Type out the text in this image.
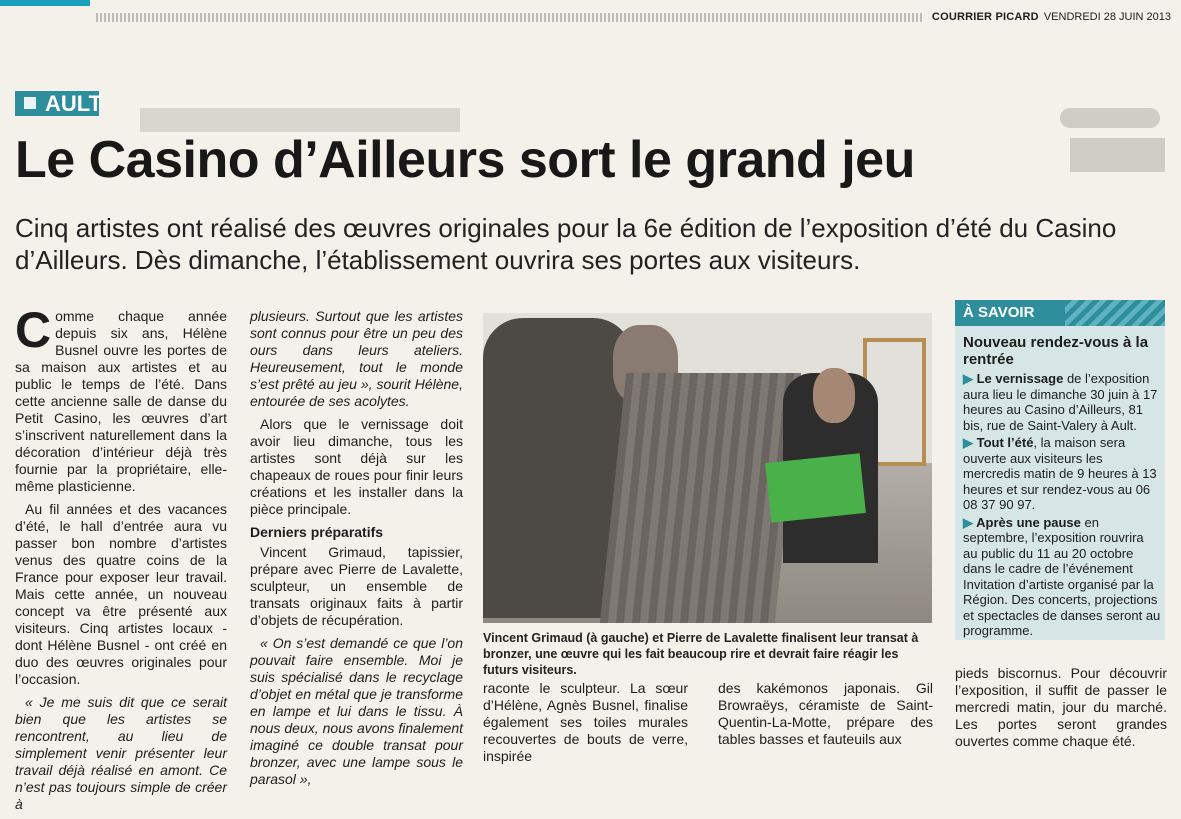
COURRIER PICARD VENDREDI 28 JUIN 2013
AULT
Le Casino d’Ailleurs sort le grand jeu
Cinq artistes ont réalisé des œuvres originales pour la 6e édition de l’exposition d’été du Casino d’Ailleurs. Dès dimanche, l’établissement ouvrira ses portes aux visiteurs.

Comme chaque année depuis six ans, Hélène Busnel ouvre les portes de sa maison aux artistes et au public le temps de l’été. Dans cette ancienne salle de danse du Petit Casino, les œuvres d’art s’inscrivent naturellement dans la décoration d’intérieur déjà très fournie par la propriétaire, elle-même plasticienne.

Au fil années et des vacances d’été, le hall d’entrée aura vu passer bon nombre d’artistes venus des quatre coins de la France pour exposer leur travail. Mais cette année, un nouveau concept va être présenté aux visiteurs. Cinq artistes locaux - dont Hélène Busnel - ont créé en duo des œuvres originales pour l’occasion.

« Je me suis dit que ce serait bien que les artistes se rencontrent, au lieu de simplement venir présenter leur travail déjà réalisé en amont. Ce n’est pas toujours simple de créer à

plusieurs. Surtout que les artistes sont connus pour être un peu des ours dans leurs ateliers. Heureusement, tout le monde s’est prêté au jeu », sourit Hélène, entourée de ses acolytes.

Alors que le vernissage doit avoir lieu dimanche, tous les artistes sont déjà sur les chapeaux de roues pour finir leurs créations et les installer dans la pièce principale.

Derniers préparatifs

Vincent Grimaud, tapissier, prépare avec Pierre de Lavalette, sculpteur, un ensemble de transats originaux faits à partir d’objets de récupération.

« On s’est demandé ce que l’on pouvait faire ensemble. Moi je suis spécialisé dans le recyclage d’objet en métal que je transforme en lampe et lui dans le tissu. À nous deux, nous avons finalement imaginé ce double transat pour bronzer, avec une lampe sous le parasol »,

Vincent Grimaud (à gauche) et Pierre de Lavalette finalisent leur transat à bronzer, une œuvre qui les fait beaucoup rire et devrait faire réagir les futurs visiteurs.

raconte le sculpteur. La sœur d’Hélène, Agnès Busnel, finalise également ses toiles murales recouvertes de bouts de verre, inspirée

des kakémonos japonais. Gil Browraëys, céramiste de Saint-Quentin-La-Motte, prépare des tables basses et fauteuils aux

À SAVOIR
Nouveau rendez-vous à la rentrée
▶ Le vernissage de l’exposition aura lieu le dimanche 30 juin à 17 heures au Casino d’Ailleurs, 81 bis, rue de Saint-Valery à Ault.
▶ Tout l’été, la maison sera ouverte aux visiteurs les mercredis matin de 9 heures à 13 heures et sur rendez-vous au 06 08 37 90 97.
▶ Après une pause en septembre, l’exposition rouvrira au public du 11 au 20 octobre dans le cadre de l’événement Invitation d’artiste organisé par la Région. Des concerts, projections et spectacles de danses seront au programme.

pieds biscornus. Pour découvrir l’exposition, il suffit de passer le mercredi matin, jour du marché. Les portes seront grandes ouvertes comme chaque été.
